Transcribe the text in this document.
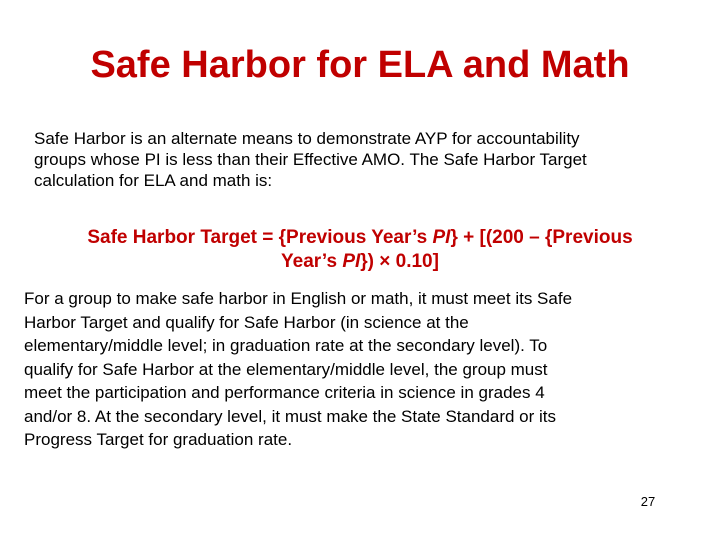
Safe Harbor for ELA and Math
Safe Harbor is an alternate means to demonstrate AYP for accountability
groups whose PI is less than their Effective AMO. The Safe Harbor Target
calculation for ELA and math is:
Safe Harbor Target = {Previous Year’s PI} + [(200 – {Previous
Year’s PI}) × 0.10]
For a group to make safe harbor in English or math, it must meet its Safe
Harbor Target and qualify for Safe Harbor (in science at the
elementary/middle level; in graduation rate at the secondary level). To
qualify for Safe Harbor at the elementary/middle level, the group must
meet the participation and performance criteria in science in grades 4
and/or 8. At the secondary level, it must make the State Standard or its
Progress Target for graduation rate.
27
